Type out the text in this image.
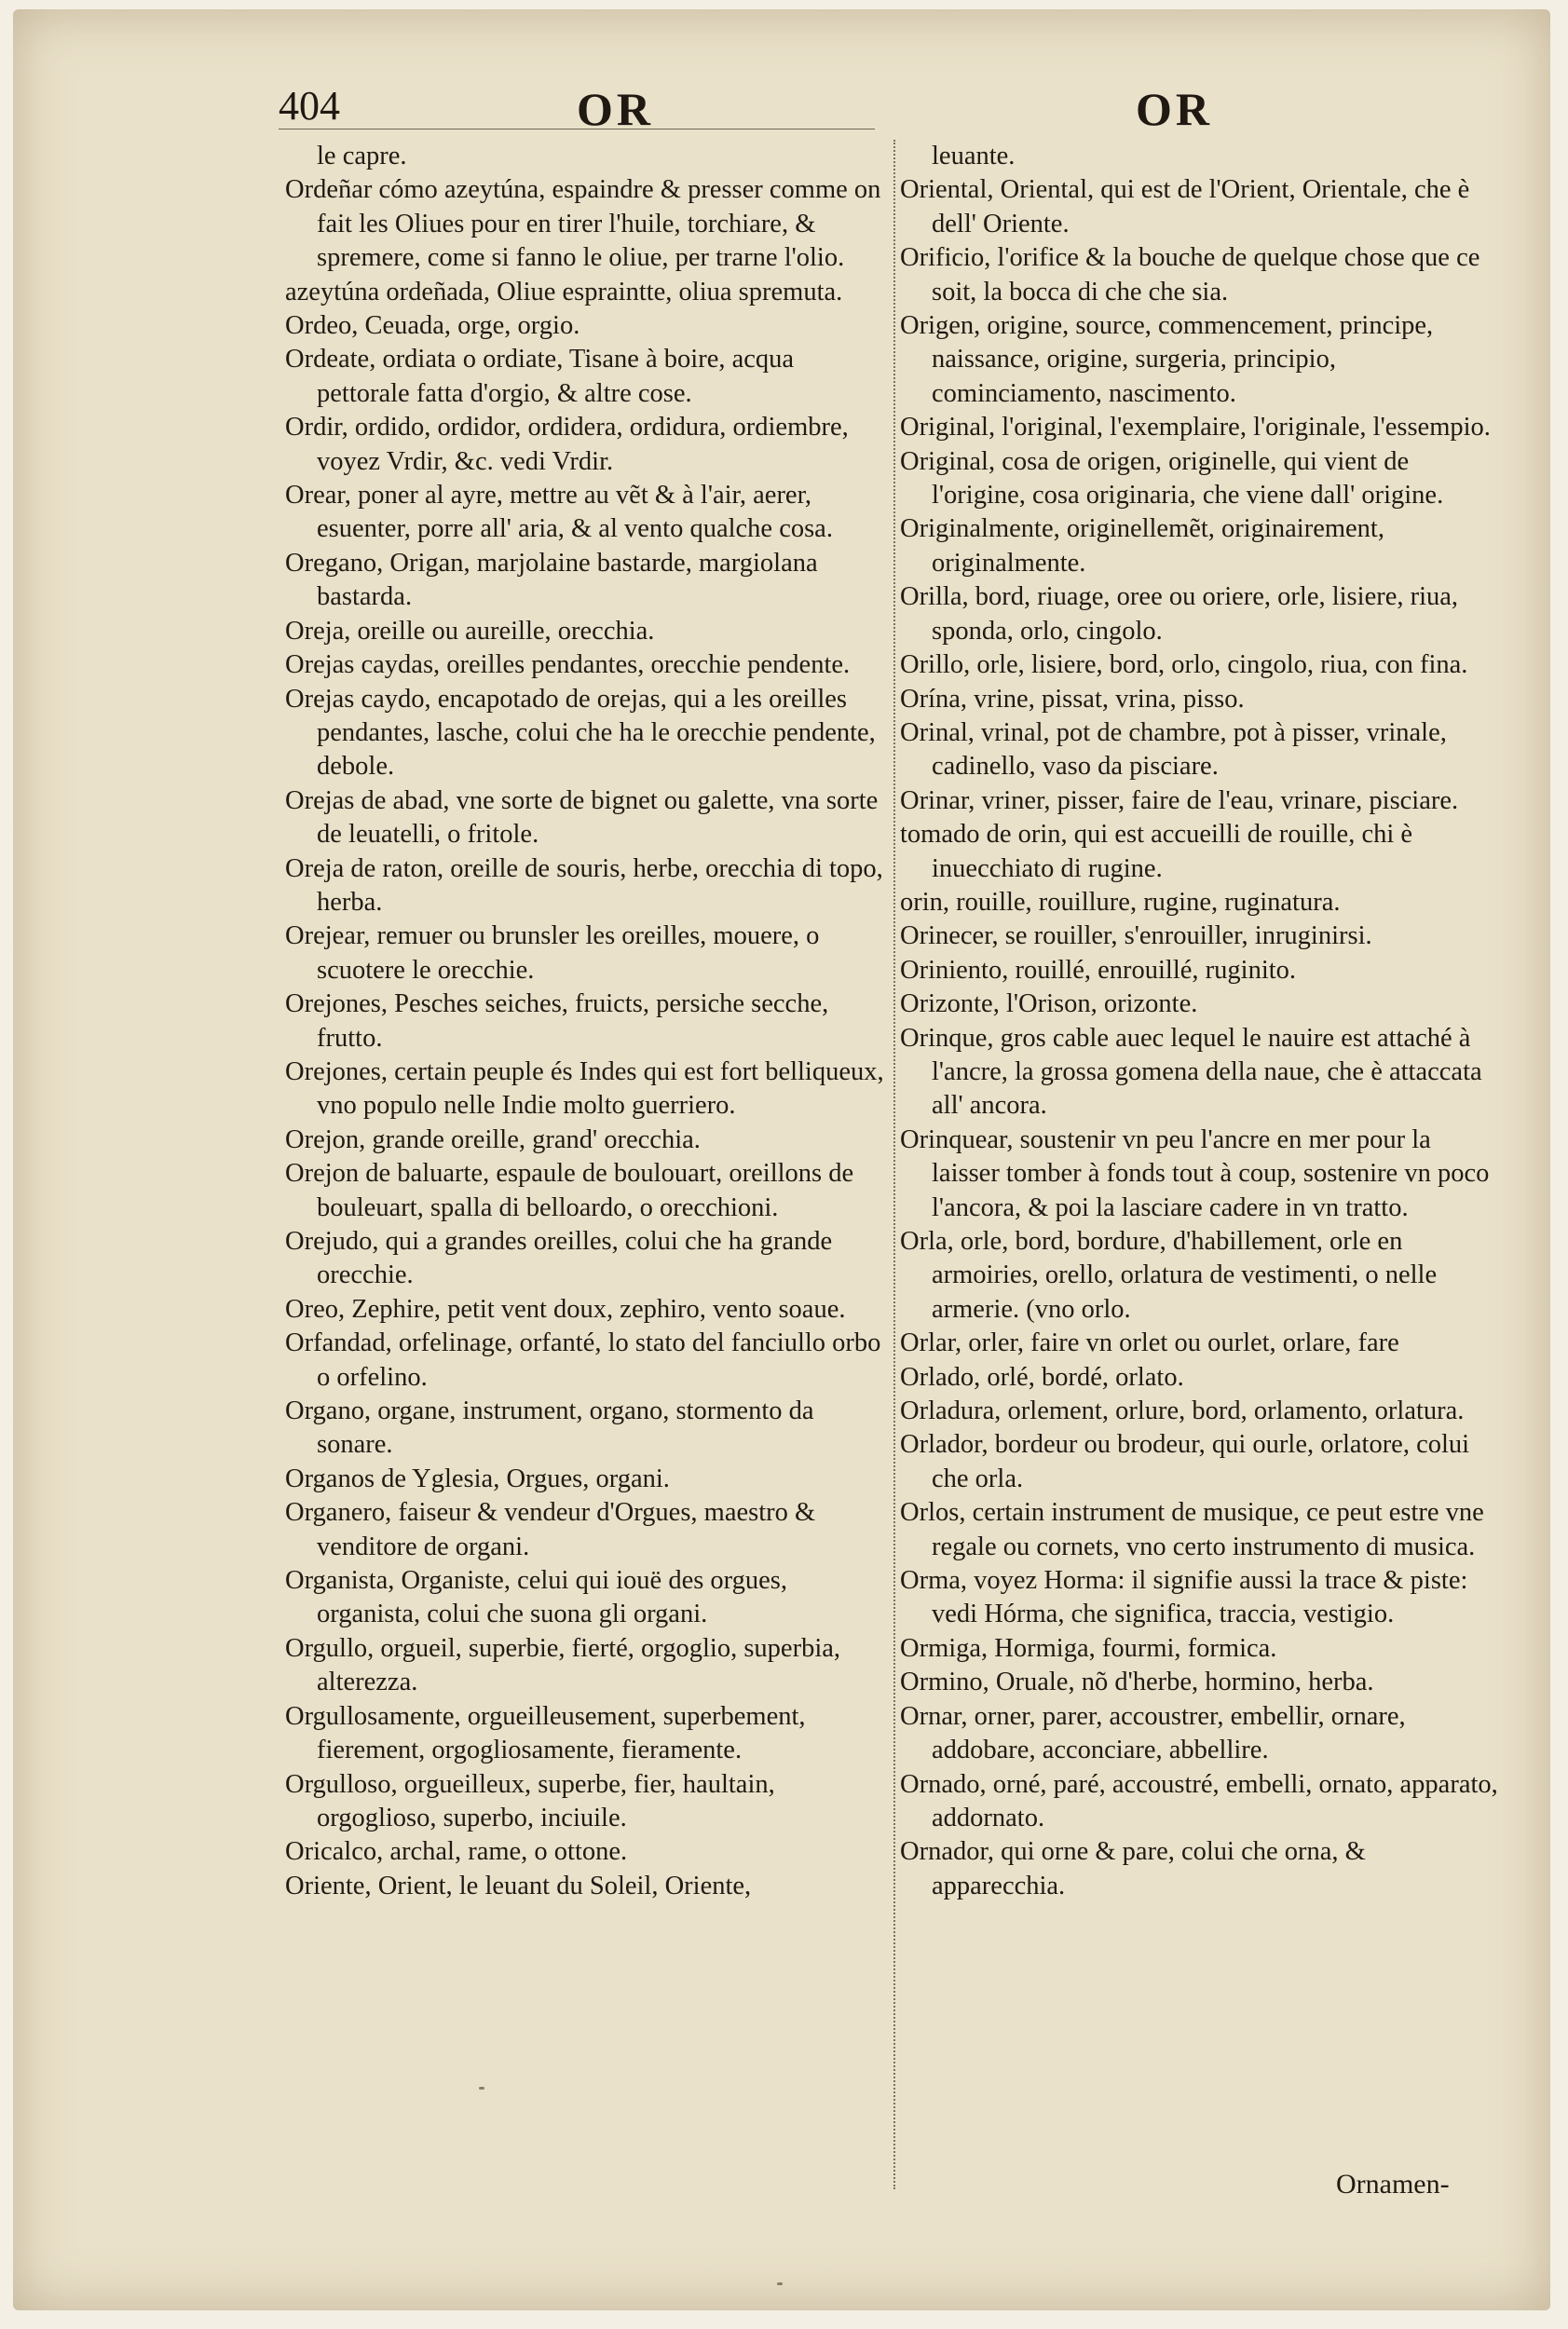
404	OR	OR

le capre.

Ordeñar cómo azeytúna, espaindre & presser comme on fait les Oliues pour en tirer l'huile, torchiare, & spremere, come si fanno le oliue, per trarne l'olio.

azeytúna ordeñada, Oliue espraintte, oliua spremuta.

Ordeo, Ceuada, orge, orgio.

Ordeate, ordiata o ordiate, Tisane à boire, acqua pettorale fatta d'orgio, & altre cose.

Ordir, ordido, ordidor, ordidera, ordidura, ordiembre, voyez Vrdir, &c. vedi Vrdir.

Orear, poner al ayre, mettre au vẽt & à l'air, aerer, esuenter, porre all' aria, & al vento qualche cosa.

Oregano, Origan, marjolaine bastarde, margiolana bastarda.

Oreja, oreille ou aureille, orecchia.

Orejas caydas, oreilles pendantes, orecchie pendente.

Orejas caydo, encapotado de orejas, qui a les oreilles pendantes, lasche, colui che ha le orecchie pendente, debole.

Orejas de abad, vne sorte de bignet ou galette, vna sorte de leuatelli, o fritole.

Oreja de raton, oreille de souris, herbe, orecchia di topo, herba.

Orejear, remuer ou brunsler les oreilles, mouere, o scuotere le orecchie.

Orejones, Pesches seiches, fruicts, persiche secche, frutto.

Orejones, certain peuple és Indes qui est fort belliqueux, vno populo nelle Indie molto guerriero.

Orejon, grande oreille, grand' orecchia.

Orejon de baluarte, espaule de boulouart, oreillons de bouleuart, spalla di belloardo, o orecchioni.

Orejudo, qui a grandes oreilles, colui che ha grande orecchie.

Oreo, Zephire, petit vent doux, zephiro, vento soaue.

Orfandad, orfelinage, orfanté, lo stato del fanciullo orbo o orfelino.

Organo, organe, instrument, organo, stormento da sonare.

Organos de Yglesia, Orgues, organi.

Organero, faiseur & vendeur d'Orgues, maestro & venditore de organi.

Organista, Organiste, celui qui iouë des orgues, organista, colui che suona gli organi.

Orgullo, orgueil, superbie, fierté, orgoglio, superbia, alterezza.

Orgullosamente, orgueilleusement, superbement, fierement, orgogliosamente, fieramente.

Orgulloso, orgueilleux, superbe, fier, haultain, orgoglioso, superbo, inciuile.

Oricalco, archal, rame, o ottone.

Oriente, Orient, le leuant du Soleil, Oriente,

leuante.

Oriental, Oriental, qui est de l'Orient, Orientale, che è dell' Oriente.

Orificio, l'orifice & la bouche de quelque chose que ce soit, la bocca di che che sia.

Origen, origine, source, commencement, principe, naissance, origine, surgeria, principio, cominciamento, nascimento.

Original, l'original, l'exemplaire, l'originale, l'essempio.

Original, cosa de origen, originelle, qui vient de l'origine, cosa originaria, che viene dall' origine.

Originalmente, originellemẽt, originairement, originalmente.

Orilla, bord, riuage, oree ou oriere, orle, lisiere, riua, sponda, orlo, cingolo.

Orillo, orle, lisiere, bord, orlo, cingolo, riua, con fina.

Orína, vrine, pissat, vrina, pisso.

Orinal, vrinal, pot de chambre, pot à pisser, vrinale, cadinello, vaso da pisciare.

Orinar, vriner, pisser, faire de l'eau, vrinare, pisciare.

tomado de orin, qui est accueilli de rouille, chi è inuecchiato di rugine.

orin, rouille, rouillure, rugine, ruginatura.

Orinecer, se rouiller, s'enrouiller, inruginirsi.

Oriniento, rouillé, enrouillé, ruginito.

Orizonte, l'Orison, orizonte.

Orinque, gros cable auec lequel le nauire est attaché à l'ancre, la grossa gomena della naue, che è attaccata all' ancora.

Orinquear, soustenir vn peu l'ancre en mer pour la laisser tomber à fonds tout à coup, sostenire vn poco l'ancora, & poi la lasciare cadere in vn tratto.

Orla, orle, bord, bordure, d'habillement, orle en armoiries, orello, orlatura de vestimenti, o nelle armerie. (vno orlo.

Orlar, orler, faire vn orlet ou ourlet, orlare, fare

Orlado, orlé, bordé, orlato.

Orladura, orlement, orlure, bord, orlamento, orlatura.

Orlador, bordeur ou brodeur, qui ourle, orlatore, colui che orla.

Orlos, certain instrument de musique, ce peut estre vne regale ou cornets, vno certo instrumento di musica.

Orma, voyez Horma: il signifie aussi la trace & piste: vedi Hórma, che significa, traccia, vestigio.

Ormiga, Hormiga, fourmi, formica.

Ormino, Oruale, nõ d'herbe, hormino, herba.

Ornar, orner, parer, accoustrer, embellir, ornare, addobare, acconciare, abbellire.

Ornado, orné, paré, accoustré, embelli, ornato, apparato, addornato.

Ornador, qui orne & pare, colui che orna, & apparecchia.

Ornamen-
